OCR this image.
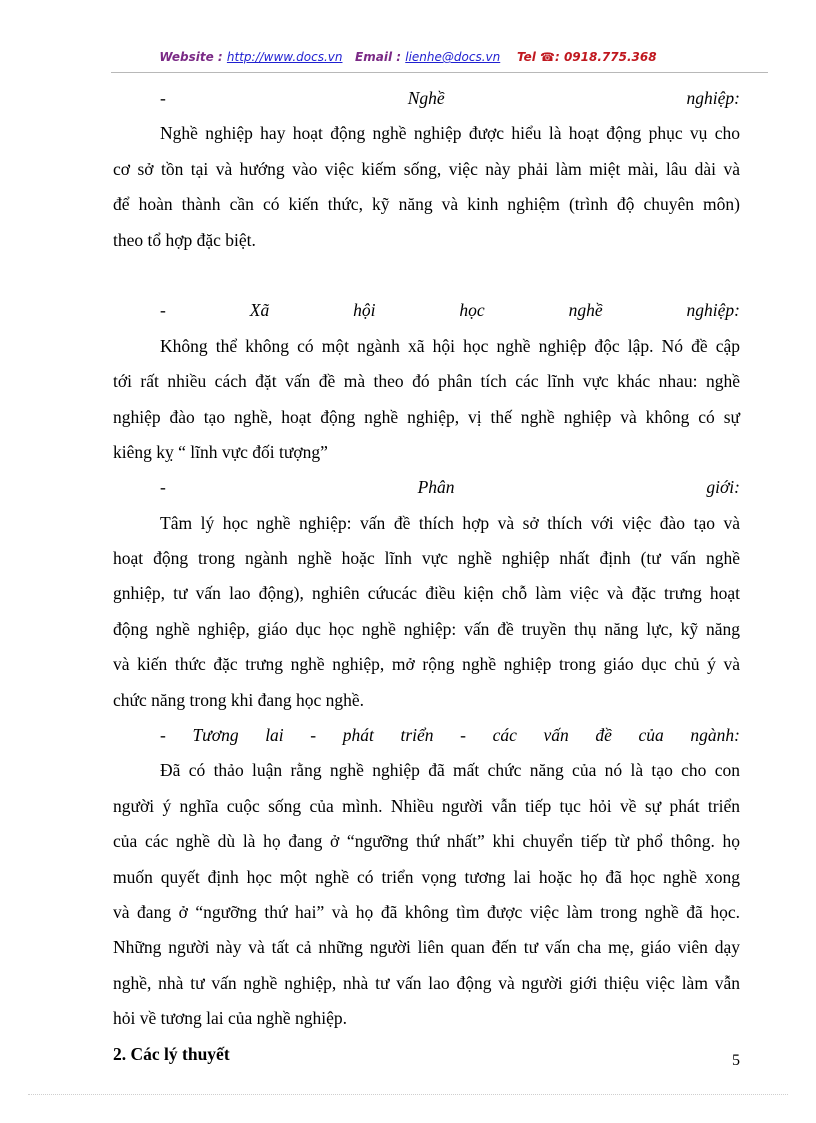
Website : http://www.docs.vn Email : lienhe@docs.vn Tel ☎: 0918.775.368
- Nghề nghiệp:
Nghề nghiệp hay hoạt động nghề nghiệp được hiểu là hoạt động phục vụ cho
cơ sở tồn tại và hướng vào việc kiếm sống, việc này phải làm miệt mài, lâu dài và
để hoàn thành cần có kiến thức, kỹ năng và kinh nghiệm (trình độ chuyên môn)
theo tổ hợp đặc biệt.
- Xã hội học nghề nghiệp:
Không thể không có một ngành xã hội học nghề nghiệp độc lập. Nó đề cập
tới rất nhiều cách đặt vấn đề mà theo đó phân tích các lĩnh vực khác nhau: nghề
nghiệp đào tạo nghề, hoạt động nghề nghiệp, vị thế nghề nghiệp và không có sự
kiêng kỵ “ lĩnh vực đối tượng”
- Phân giới:
Tâm lý học nghề nghiệp: vấn đề thích hợp và sở thích với việc đào tạo và
hoạt động trong ngành nghề hoặc lĩnh vực nghề nghiệp nhất định (tư vấn nghề
gnhiệp, tư vấn lao động), nghiên cứucác điều kiện chỗ làm việc và đặc trưng hoạt
động nghề nghiệp, giáo dục học nghề nghiệp: vấn đề truyền thụ năng lực, kỹ năng
và kiến thức đặc trưng nghề nghiệp, mở rộng nghề nghiệp trong giáo dục chủ ý và
chức năng trong khi đang học nghề.
- Tương lai - phát triển - các vấn đề của ngành:
Đã có thảo luận rằng nghề nghiệp đã mất chức năng của nó là tạo cho con
người ý nghĩa cuộc sống của mình. Nhiều người vẫn tiếp tục hỏi về sự phát triển
của các nghề dù là họ đang ở “ngưỡng thứ nhất” khi chuyển tiếp từ phổ thông. họ
muốn quyết định học một nghề có triển vọng tương lai hoặc họ đã học nghề xong
và đang ở “ngưỡng thứ hai” và họ đã không tìm được việc làm trong nghề đã học.
Những người này và tất cả những người liên quan đến tư vấn cha mẹ, giáo viên dạy
nghề, nhà tư vấn nghề nghiệp, nhà tư vấn lao động và người giới thiệu việc làm vẫn
hỏi về tương lai của nghề nghiệp.
2. Các lý thuyết	5
